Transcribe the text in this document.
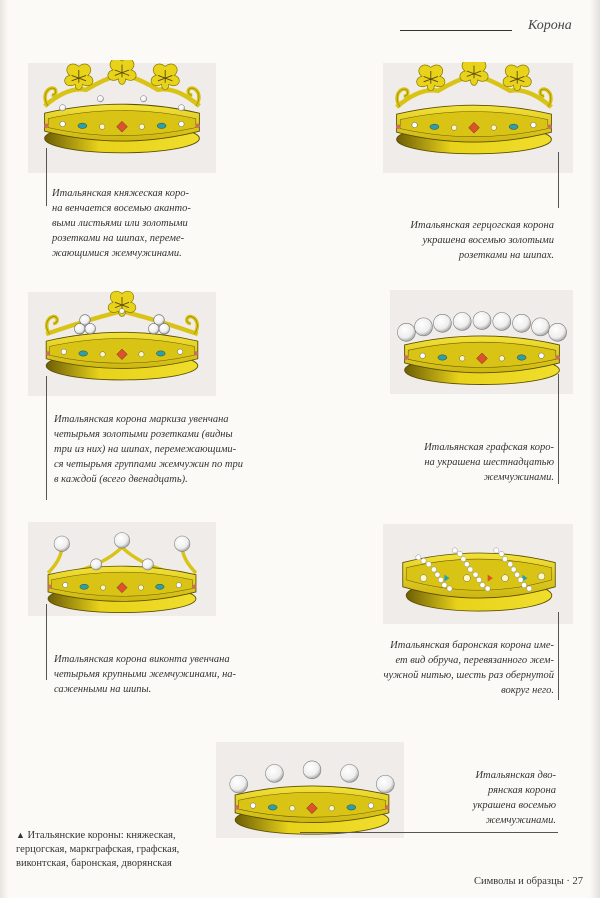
Корона
Итальянская княжеская коро-
на венчается восемью аканто-
выми листьями или золотыми
розетками на шипах, переме-
жающимися жемчужинами.
Итальянская герцогская корона
украшена восемью золотыми
розетками на шипах.
Итальянская корона маркиза увенчана
четырьмя золотыми розетками (видны
три из них) на шипах, перемежающими-
ся четырьмя группами жемчужин по три
в каждой (всего двенадцать).
Итальянская графская коро-
на украшена шестнадцатью
жемчужинами.
Итальянская корона виконта увенчана
четырьмя крупными жемчужинами, на-
саженными на шипы.
Итальянская баронская корона име-
ет вид обруча, перевязанного жем-
чужной нитью, шесть раз обернутой
вокруг него.
Итальянская дво-
рянская корона
украшена восемью
жемчужинами.
▲ Итальянские короны: княжеская,
герцогская, маркграфская, графская,
виконтская, баронская, дворянская
Символы и образцы · 27
